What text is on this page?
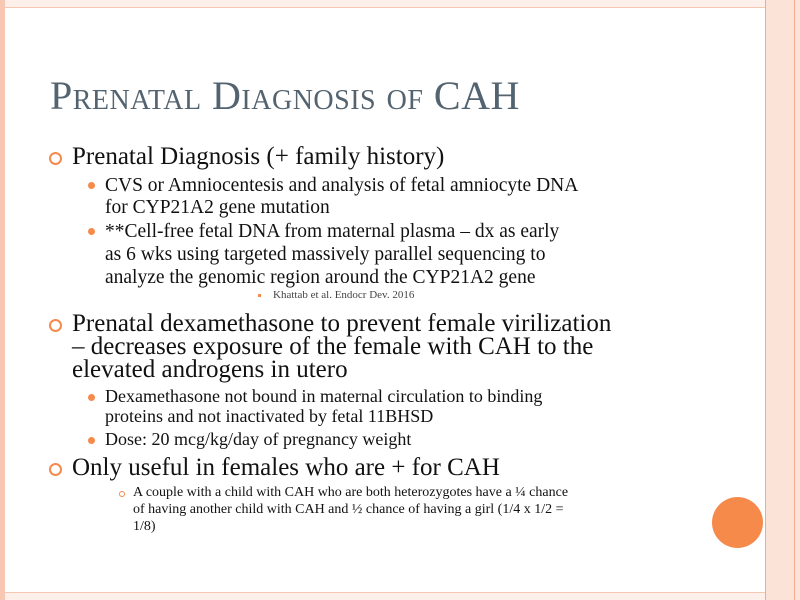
Prenatal Diagnosis of CAH

Prenatal Diagnosis (+ family history)

CVS or Amniocentesis and analysis of fetal amniocyte DNA

for CYP21A2 gene mutation

**Cell-free fetal DNA from maternal plasma – dx as early

as 6 wks using targeted massively parallel sequencing to

analyze the genomic region around the CYP21A2 gene

Khattab et al. Endocr Dev. 2016

Prenatal dexamethasone to prevent female virilization

– decreases exposure of the female with CAH to the

elevated androgens in utero

Dexamethasone not bound in maternal circulation to binding

proteins and not inactivated by fetal 11BHSD

Dose: 20 mcg/kg/day of pregnancy weight

Only useful in females who are + for CAH

A couple with a child with CAH who are both heterozygotes have a ¼ chance

of having another child with CAH and ½ chance of having a girl (1/4 x 1/2 =

1/8)
